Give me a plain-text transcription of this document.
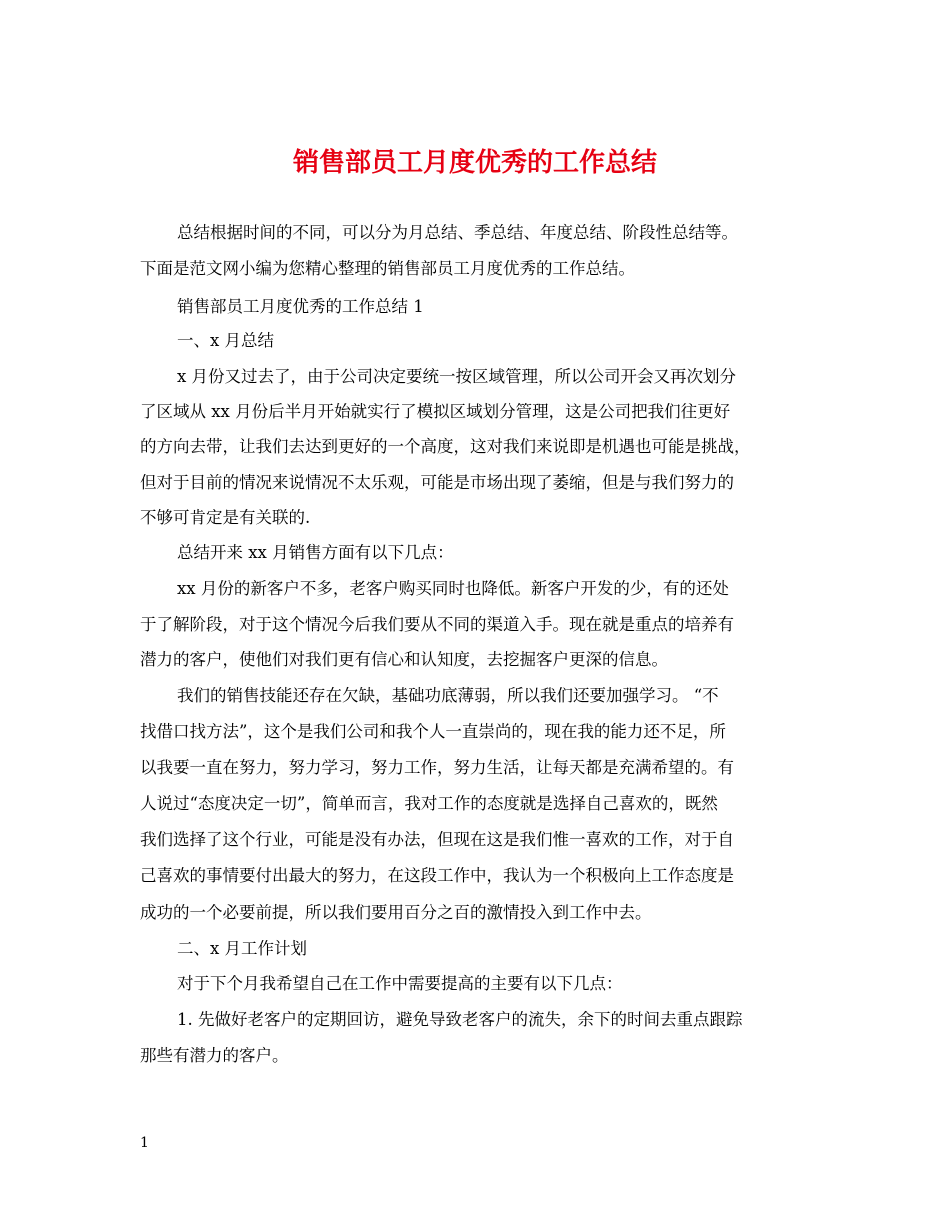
销售部员工月度优秀的工作总结

总结根据时间的不同，可以分为月总结、季总结、年度总结、阶段性总结等。

下面是范文网小编为您精心整理的销售部员工月度优秀的工作总结。

销售部员工月度优秀的工作总结 1

一、x 月总结

x 月份又过去了，由于公司决定要统一按区域管理，所以公司开会又再次划分

了区域从 xx 月份后半月开始就实行了模拟区域划分管理，这是公司把我们往更好

的方向去带，让我们去达到更好的一个高度，这对我们来说即是机遇也可能是挑战，

但对于目前的情况来说情况不太乐观，可能是市场出现了萎缩，但是与我们努力的

不够可肯定是有关联的.

总结开来 xx 月销售方面有以下几点：

xx 月份的新客户不多，老客户购买同时也降低。新客户开发的少，有的还处

于了解阶段，对于这个情况今后我们要从不同的渠道入手。现在就是重点的培养有

潜力的客户，使他们对我们更有信心和认知度，去挖掘客户更深的信息。

我们的销售技能还存在欠缺，基础功底薄弱，所以我们还要加强学习。 “不

找借口找方法”，这个是我们公司和我个人一直崇尚的，现在我的能力还不足，所

以我要一直在努力，努力学习，努力工作，努力生活，让每天都是充满希望的。有

人说过“态度决定一切”，简单而言，我对工作的态度就是选择自己喜欢的，既然

我们选择了这个行业，可能是没有办法，但现在这是我们惟一喜欢的工作，对于自

己喜欢的事情要付出最大的努力，在这段工作中，我认为一个积极向上工作态度是

成功的一个必要前提，所以我们要用百分之百的激情投入到工作中去。

二、x 月工作计划

对于下个月我希望自己在工作中需要提高的主要有以下几点：

1. 先做好老客户的定期回访，避免导致老客户的流失，余下的时间去重点跟踪

那些有潜力的客户。

1
